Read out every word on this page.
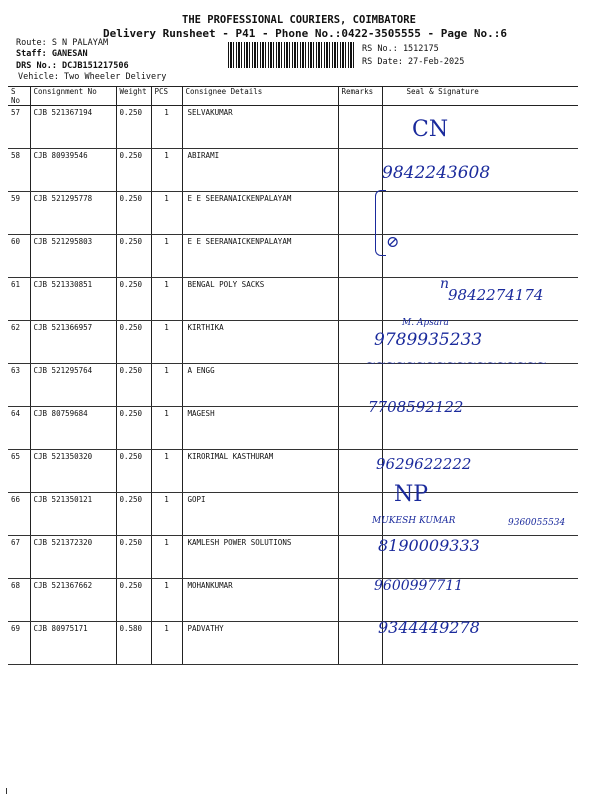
THE PROFESSIONAL COURIERS, COIMBATORE
Delivery Runsheet - P41 - Phone No.:0422-3505555 - Page No.:6
Route: S N PALAYAM
Staff: GANESAN
DRS No.: DCJB151217506
Vehicle: Two Wheeler Delivery
RS No.: 1512175
RS Date: 27-Feb-2025
S No	Consignment No	Weight	PCS	Consignee Details	Remarks	Seal & Signature
57	CJB 521367194	0.250	1	SELVAKUMAR		
58	CJB 80939546	0.250	1	ABIRAMI		
59	CJB 521295778	0.250	1	E E SEERANAICKENPALAYAM		
60	CJB 521295803	0.250	1	E E SEERANAICKENPALAYAM		
61	CJB 521330851	0.250	1	BENGAL POLY SACKS		
62	CJB 521366957	0.250	1	KIRTHIKA		
63	CJB 521295764	0.250	1	A ENGG		
64	CJB 80759684	0.250	1	MAGESH		
65	CJB 521350320	0.250	1	KIRORIMAL KASTHURAM		
66	CJB 521350121	0.250	1	GOPI		
67	CJB 521372320	0.250	1	KAMLESH POWER SOLUTIONS		
68	CJB 521367662	0.250	1	MOHANKUMAR		
69	CJB 80975171	0.580	1	PADVATHY		
CN
9842243608
⊘
n
9842274174
M. Apsara
9789935233
~~~~~~~~~~~~~~~~~~
7708592122
9629622222
NP
MUKESH KUMAR	9360055534
8190009333
9600997711
9344449278
